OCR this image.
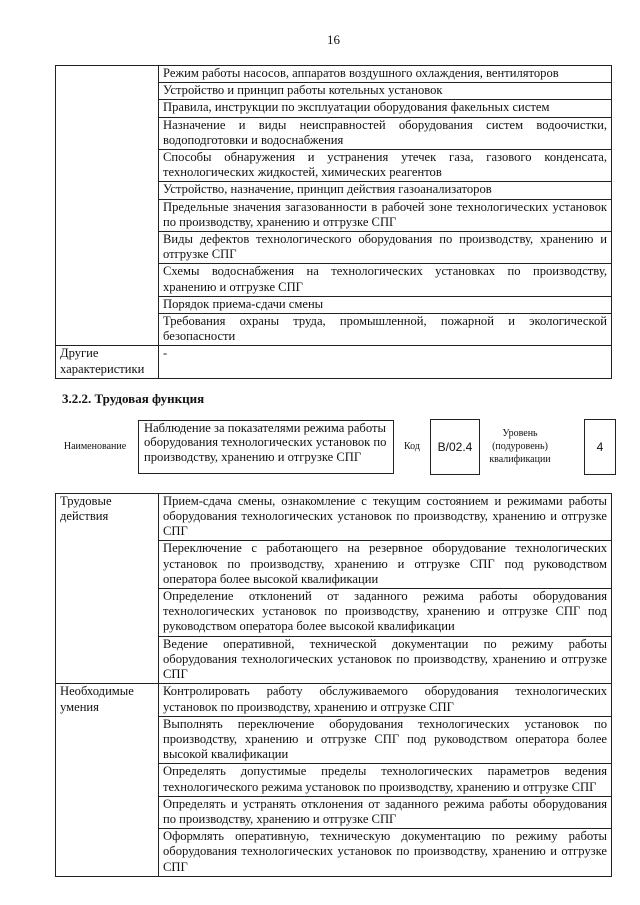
16
	Режим работы насосов, аппаратов воздушного охлаждения, вентиляторов
	Устройство и принцип работы котельных установок
	Правила, инструкции по эксплуатации оборудования факельных систем
	Назначение и виды неисправностей оборудования систем водоочистки, водоподготовки и водоснабжения
	Способы обнаружения и устранения утечек газа, газового конденсата, технологических жидкостей, химических реагентов
	Устройство, назначение, принцип действия газоанализаторов
	Предельные значения загазованности в рабочей зоне технологических установок по производству, хранению и отгрузке СПГ
	Виды дефектов технологического оборудования по производству, хранению и отгрузке СПГ
	Схемы водоснабжения на технологических установках по производству, хранению и отгрузке СПГ
	Порядок приема-сдачи смены
	Требования охраны труда, промышленной, пожарной и экологической безопасности
Другие характеристики	-
3.2.2. Трудовая функция
Наименование
Наблюдение за показателями режима работы оборудования технологических установок по производству, хранению и отгрузке СПГ
Код	В/02.4
Уровень (подуровень) квалификации
4
Трудовые действия	Прием-сдача смены, ознакомление с текущим состоянием и режимами работы оборудования технологических установок по производству, хранению и отгрузке СПГ
	Переключение с работающего на резервное оборудование технологических установок по производству, хранению и отгрузке СПГ под руководством оператора более высокой квалификации
	Определение отклонений от заданного режима работы оборудования технологических установок по производству, хранению и отгрузке СПГ под руководством оператора более высокой квалификации
	Ведение оперативной, технической документации по режиму работы оборудования технологических установок по производству, хранению и отгрузке СПГ
Необходимые умения	Контролировать работу обслуживаемого оборудования технологических установок по производству, хранению и отгрузке СПГ
	Выполнять переключение оборудования технологических установок по производству, хранению и отгрузке СПГ под руководством оператора более высокой квалификации
	Определять допустимые пределы технологических параметров ведения технологического режима установок по производству, хранению и отгрузке СПГ
	Определять и устранять отклонения от заданного режима работы оборудования по производству, хранению и отгрузке СПГ
	Оформлять оперативную, техническую документацию по режиму работы оборудования технологических установок по производству, хранению и отгрузке СПГ
